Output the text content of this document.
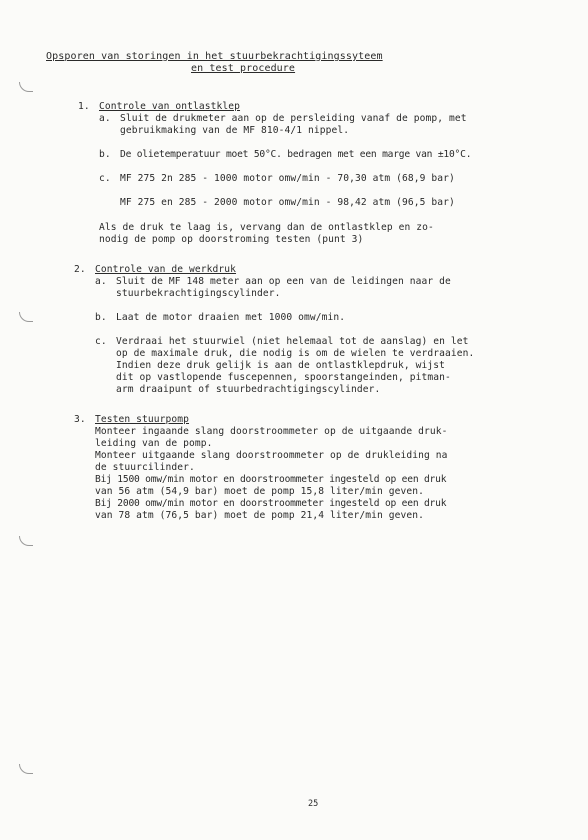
Opsporen van storingen in het stuurbekrachtigingssyteem
en test procedure
1. Controle van ontlastklep
a. Sluit de drukmeter aan op de persleiding vanaf de pomp, met
gebruikmaking van de MF 810-4/1 nippel.
b. De olietemperatuur moet 50°C. bedragen met een marge van ±10°C.
c. MF 275 2n 285 - 1000 motor omw/min - 70,30 atm (68,9 bar)
MF 275 en 285 - 2000 motor omw/min - 98,42 atm (96,5 bar)
Als de druk te laag is, vervang dan de ontlastklep en zo-
nodig de pomp op doorstroming testen (punt 3)
2. Controle van de werkdruk
a. Sluit de MF 148 meter aan op een van de leidingen naar de
stuurbekrachtigingscylinder.
b. Laat de motor draaien met 1000 omw/min.
c. Verdraai het stuurwiel (niet helemaal tot de aanslag) en let
op de maximale druk, die nodig is om de wielen te verdraaien.
Indien deze druk gelijk is aan de ontlastklepdruk, wijst
dit op vastlopende fuscepennen, spoorstangeinden, pitman-
arm draaipunt of stuurbedrachtigingscylinder.
3. Testen stuurpomp
Monteer ingaande slang doorstroommeter op de uitgaande druk-
leiding van de pomp.
Monteer uitgaande slang doorstroommeter op de drukleiding na
de stuurcilinder.
Bij 1500 omw/min motor en doorstroommeter ingesteld op een druk
van 56 atm (54,9 bar) moet de pomp 15,8 liter/min geven.
Bij 2000 omw/min motor en doorstroommeter ingesteld op een druk
van 78 atm (76,5 bar) moet de pomp 21,4 liter/min geven.
25
